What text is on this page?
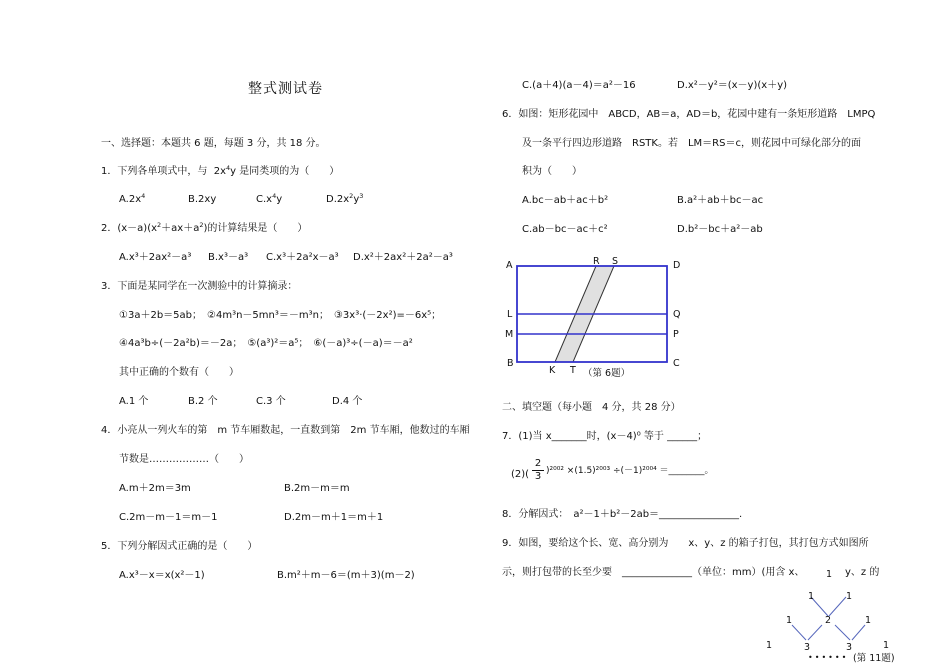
整式测试卷
一、选择题：本题共 6 题，每题 3 分，共 18 分。
1．下列各单项式中，与 $2x^4y$ 是同类项的为（　　）
$A.2x^4$	B.2xy	$C.x^4y$	$D.2x^2y^3$
2．$(x-a)(x^2+ax+a^2)$的计算结果是（　　）
A.x³＋2ax²－a³ B.x³－a³ C.x³＋2a²x－a³ D.x²＋2ax²＋2a²－a³
3．下面是某同学在一次测验中的计算摘录：
①3a＋2b＝5ab；　②4m³n－5mn³＝－m³n；　③3x³·(－2x²)=－6x⁵；
④4a³b÷(－2a²b)＝－2a；　⑤(a³)²＝a⁵；　⑥(－a)³÷(－a)＝－a²
其中正确的个数有（　　）
A.1 个	B.2 个	C.3 个	D.4 个
4．小亮从一列火车的第　m 节车厢数起，一直数到第　2m 节车厢，他数过的车厢
节数是………………（　　）
A.m＋2m＝3m	B.2m－m＝m
C.2m－m－1＝m－1	D.2m－m＋1＝m＋1
5．下列分解因式正确的是（　　）
A.x³－x＝x(x²－1)	B.m²＋m－6＝(m＋3)(m－2)
C.(a＋4)(a－4)＝a²－16	D.x²－y²＝(x－y)(x＋y)
6．如图：矩形花园中　ABCD，AB＝a，AD＝b，花园中建有一条矩形道路　LMPQ
及一条平行四边形道路　RSTK。若　LM＝RS＝c，则花园中可绿化部分的面
积为（　　）
A.bc－ab＋ac＋b²	B.a²＋ab＋bc－ac
C.ab－bc－ac＋c²	D.b²－bc＋a²－ab
A	R S	D
L	Q
M	P
B
K T
C
（第 6题）
二、填空题（每小题　4 分，共 28 分）
7．(1)当 x_______时，(x－4)⁰ 等于 ______；
$(2)( \frac{2}{3} )^{2002} \times(1.5)^{2003} \div(-1)^{2004}$ ＝________。
8．分解因式：　a²－1＋b²－2ab＝________________.
9．如图，要给这个长、宽、高分别为　　x、y、z 的箱子打包，其打包方式如图所
示，则打包带的长至少要　______________（单位：mm）(用含 x、	y、z 的
1
1	1
1	2	1
1	1
3	3
•••••• (第 11题)
